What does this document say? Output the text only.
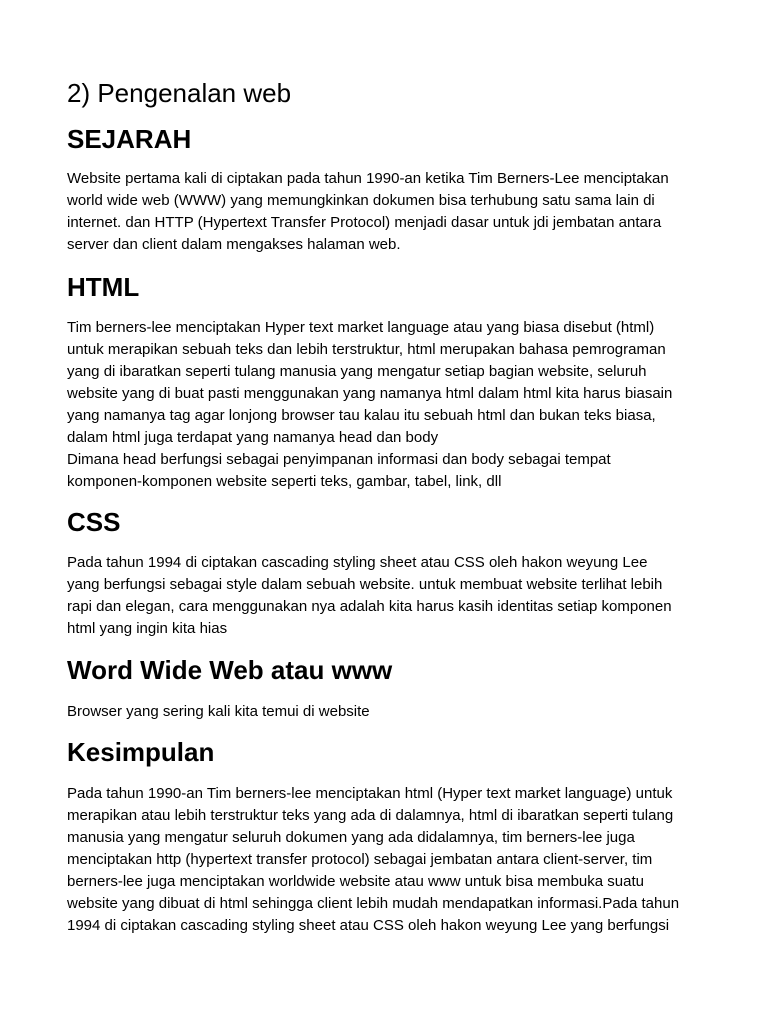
2) Pengenalan web
SEJARAH
Website pertama kali di ciptakan pada tahun 1990-an ketika Tim Berners-Lee menciptakan
world wide web (WWW) yang memungkinkan dokumen bisa terhubung satu sama lain di
internet. dan HTTP (Hypertext Transfer Protocol) menjadi dasar untuk jdi jembatan antara
server dan client dalam mengakses halaman web.
HTML
Tim berners-lee menciptakan Hyper text market language atau yang biasa disebut (html)
untuk merapikan sebuah teks dan lebih terstruktur, html merupakan bahasa pemrograman
yang di ibaratkan seperti tulang manusia yang mengatur setiap bagian website, seluruh
website yang di buat pasti menggunakan yang namanya html dalam html kita harus biasain
yang namanya tag agar lonjong browser tau kalau itu sebuah html dan bukan teks biasa,
dalam html juga terdapat yang namanya head dan body
Dimana head berfungsi sebagai penyimpanan informasi dan body sebagai tempat
komponen-komponen website seperti teks, gambar, tabel, link, dll
CSS
Pada tahun 1994 di ciptakan cascading styling sheet atau CSS oleh hakon weyung Lee
yang berfungsi sebagai style dalam sebuah website. untuk membuat website terlihat lebih
rapi dan elegan, cara menggunakan nya adalah kita harus kasih identitas setiap komponen
html yang ingin kita hias
Word Wide Web atau www
Browser yang sering kali kita temui di website
Kesimpulan
Pada tahun 1990-an Tim berners-lee menciptakan html (Hyper text market language) untuk
merapikan atau lebih terstruktur teks yang ada di dalamnya, html di ibaratkan seperti tulang
manusia yang mengatur seluruh dokumen yang ada didalamnya, tim berners-lee juga
menciptakan http (hypertext transfer protocol) sebagai jembatan antara client-server, tim
berners-lee juga menciptakan worldwide website atau www untuk bisa membuka suatu
website yang dibuat di html sehingga client lebih mudah mendapatkan informasi.Pada tahun
1994 di ciptakan cascading styling sheet atau CSS oleh hakon weyung Lee yang berfungsi
